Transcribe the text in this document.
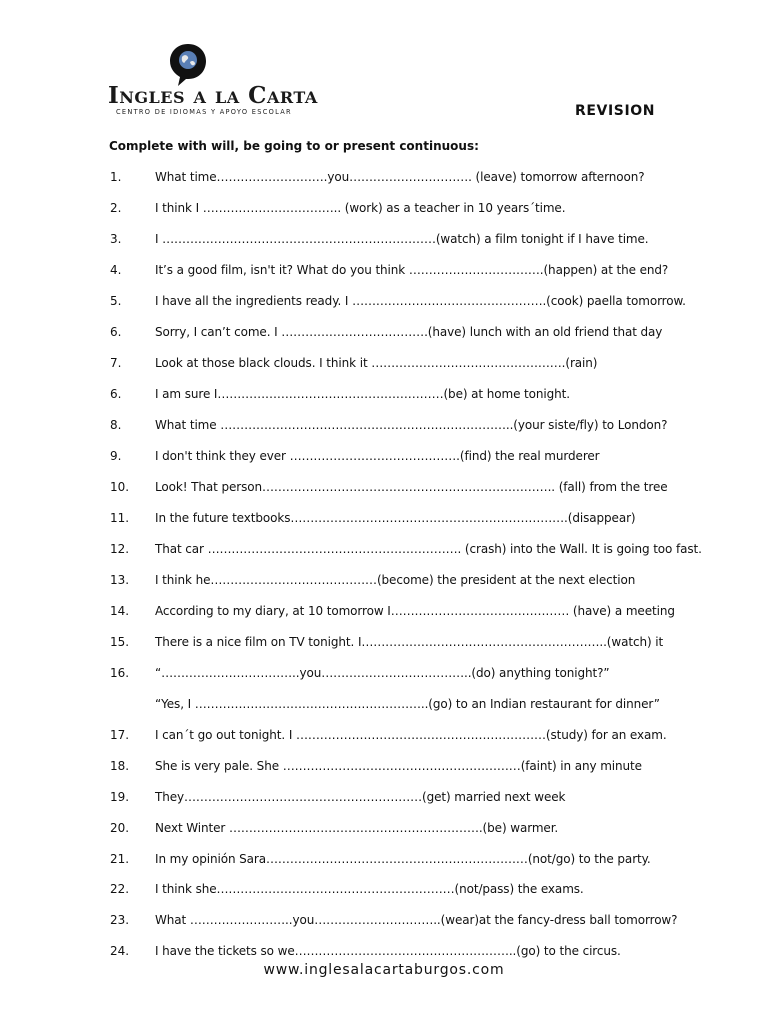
Ingles a la Carta
CENTRO DE IDIOMAS Y APOYO ESCOLAR	REVISION
Complete with will, be going to or present continuous:
1.	What time……………………….you…………………………. (leave) tomorrow afternoon?
2.	I think I …………………………….. (work) as a teacher in 10 years´time.
3.	I ……………………………………………………………(watch) a film tonight if I have time.
4.	It’s a good film, isn't it? What do you think …………………………….(happen) at the end?
5.	I have all the ingredients ready. I ………………………………………….(cook) paella tomorrow.
6.	Sorry, I can’t come. I ……………………………….(have) lunch with an old friend that day
7.	Look at those black clouds. I think it ………………………………………….(rain)
6.	I am sure I…………………………………………………(be) at home tonight.
8.	What time ………………………………………………………………..(your siste/fly) to London?
9.	I don't think they ever …………………………………….(find) the real murderer
10. Look! That person……………………………………………………………….. (fall) from the tree
11. In the future textbooks…………………………………………………………….(disappear)
12. That car ………………………………………………………. (crash) into the Wall. It is going too fast.
13. I think he……………………………………(become) the president at the next election
14. According to my diary, at 10 tomorrow I……………………………………… (have) a meeting
15. There is a nice film on TV tonight. I……………………………………………………..(watch) it
16. “……………………………..you………………………………..(do) anything tonight?”
“Yes, I …………………………………………………..(go) to an Indian restaurant for dinner”
17. I can´t go out tonight. I ………………………………………………………(study) for an exam.
18. She is very pale. She ……………………………………………………(faint) in any minute
19. They……………………………………………………(get) married next week
20. Next Winter ……………………………………………………….(be) warmer.
21. In my opinión Sara…………………………………………………………(not/go) to the party.
22. I think she……………………………………………………(not/pass) the exams.
23. What ……………………..you…………………………..(wear)at the fancy-dress ball tomorrow?
24. I have the tickets so we………………………………………………..(go) to the circus.
www.inglesalacartaburgos.com
